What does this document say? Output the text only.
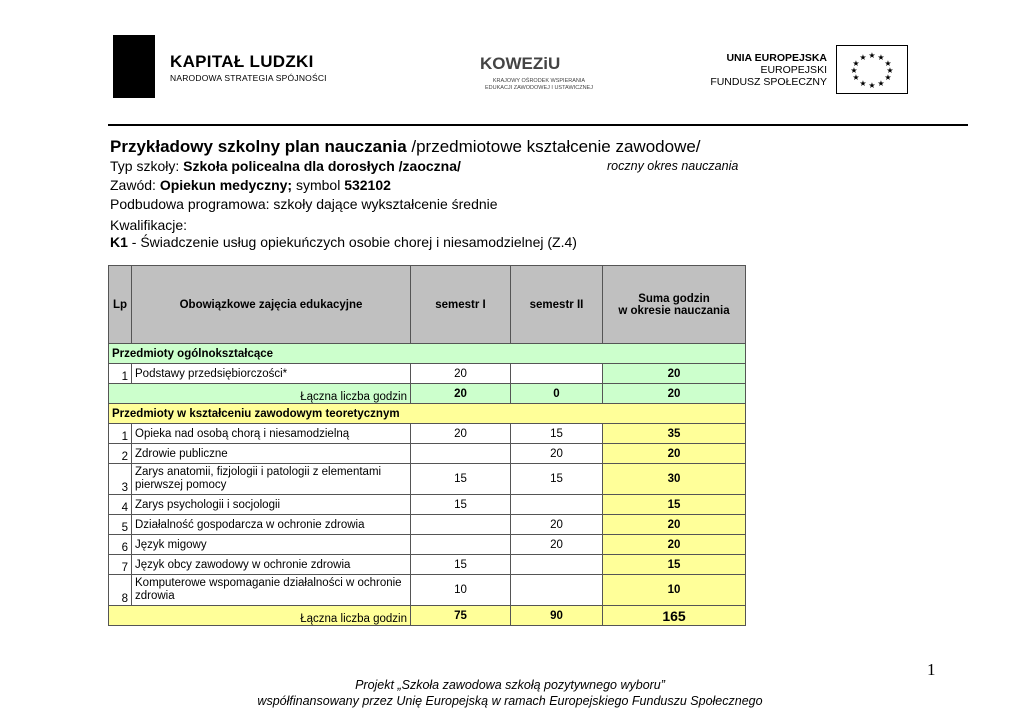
KAPITAŁ LUDZKI
NARODOWA STRATEGIA SPÓJNOŚCI
KOWEZiU
KRAJOWY OŚRODEK WSPIERANIA
EDUKACJI ZAWODOWEJ I USTAWICZNEJ
UNIA EUROPEJSKA
EUROPEJSKI
FUNDUSZ SPOŁECZNY
★ ★
★
★
★
★
★
★
★
★
★
★
Przykładowy szkolny plan nauczania /przedmiotowe kształcenie zawodowe/
Typ szkoły: Szkoła policealna dla dorosłych /zaoczna/	roczny okres nauczania
Zawód: Opiekun medyczny; symbol 532102
Podbudowa programowa: szkoły dające wykształcenie średnie
Kwalifikacje:
K1 - Świadczenie usług opiekuńczych osobie chorej i niesamodzielnej (Z.4)
Lp	Obowiązkowe zajęcia edukacyjne	semestr I	semestr II	Suma godzin
w okresie nauczania

Przedmioty ogólnokształcące				
1	Podstawy przedsiębiorczości*	20		20
Łączna liczba godzin		20	0	20
Przedmioty w kształceniu zawodowym teoretycznym				
1	Opieka nad osobą chorą i niesamodzielną	20	15	35
2	Zdrowie publiczne		20	20
3	Zarys anatomii, fizjologii i patologii z elementami pierwszej pomocy	15	15	30
4	Zarys psychologii i socjologii	15		15
5	Działalność gospodarcza w ochronie zdrowia		20	20
6	Język migowy		20	20
7	Język obcy zawodowy w ochronie zdrowia	15		15
8	Komputerowe wspomaganie działalności w ochronie zdrowia	10		10
Łączna liczba godzin		75	90	165
1
Projekt „Szkoła zawodowa szkołą pozytywnego wyboru”
współfinansowany przez Unię Europejską w ramach Europejskiego Funduszu Społecznego
